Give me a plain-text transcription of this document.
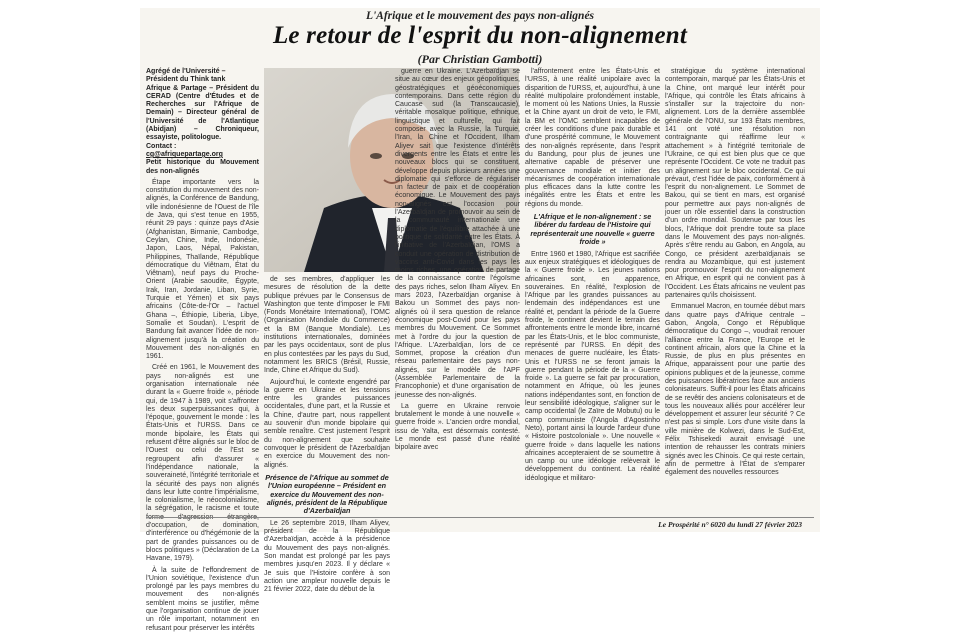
L'Afrique et le mouvement des pays non-alignés
Le retour de l'esprit du non-alignement
(Par Christian Gambotti)
Agrégé de l'Université –
Président du Think tank
Afrique & Partage – Président du CERAD (Centre d'Études et de Recherches sur l'Afrique de Demain) – Directeur général de l'Université de l'Atlantique (Abidjan) – Chroniqueur, essayiste, politologue.
Contact :
cg@afriquepartage.org
Petit historique du Mouvement des non-alignés

Étape importante vers la constitution du mouvement des non-alignés, la Conférence de Bandung, ville indonésienne de l'Ouest de l'île de Java, qui s'est tenue en 1955, réunit 29 pays : quinze pays d'Asie (Afghanistan, Birmanie, Cambodge, Ceylan, Chine, Inde, Indonésie, Japon, Laos, Népal, Pakistan, Philippines, Thaïlande, République démocratique du Viêtnam, État du Viêtnam), neuf pays du Proche-Orient (Arabie saoudite, Égypte, Irak, Iran, Jordanie, Liban, Syrie, Turquie et Yémen) et six pays africains (Côte-de-l'Or – l'actuel Ghana –, Éthiopie, Liberia, Libye, Somalie et Soudan). L'esprit de Bandung fait avancer l'idée de non-alignement jusqu'à la création du Mouvement des non-alignés en 1961.

Créé en 1961, le Mouvement des pays non-alignés est une organisation internationale née durant la « Guerre froide », période qui, de 1947 à 1989, voit s'affronter les deux superpuissances qui, à l'époque, gouvernent le monde : les États-Unis et l'URSS. Dans ce monde bipolaire, les États qui refusent d'être alignés sur le bloc de l'Ouest ou celui de l'Est se regroupent afin d'assurer « l'indépendance nationale, la souveraineté, l'intégrité territoriale et la sécurité des pays non alignés dans leur lutte contre l'impérialisme, le colonialisme, le néocolonialisme, la ségrégation, le racisme et toute forme d'agression étrangère, d'occupation, de domination, d'interférence ou d'hégémonie de la part de grandes puissances ou de blocs politiques » (Déclaration de La Havane, 1979).

À la suite de l'effondrement de l'Union soviétique, l'existence d'un prolongé par les pays membres du mouvement des non-alignés semblent moins se justifier, même que l'organisation continue de jouer un rôle important, notamment en refusant pour préserver les intérêts

de ses membres, d'appliquer les mesures de résolution de la dette publique prévues par le Consensus de Washington que tente d'imposer le FMI (Fonds Monétaire International), l'OMC (Organisation Mondiale du Commerce) et la BM (Banque Mondiale). Les institutions internationales, dominées par les pays occidentaux, sont de plus en plus contestées par les pays du Sud, notamment les BRICS (Brésil, Russie, Inde, Chine et Afrique du Sud).

Aujourd'hui, le contexte engendré par la guerre en Ukraine et les tensions entre les grandes puissances occidentales, d'une part, et la Russie et la Chine, d'autre part, nous rappellent au souvenir d'un monde bipolaire qui semble renaître. C'est justement l'esprit du non-alignement que souhaite convoquer le président de l'Azerbaïdjan en exercice du Mouvement des non-alignés.

Présence de l'Afrique au sommet de l'Union européenne – Président en exercice du Mouvement des non-alignés, président de la République d'Azerbaïdjan

Le 26 septembre 2019, Ilham Aliyev, président de la République d'Azerbaïdjan, accède à la présidence du Mouvement des pays non-alignés. Son mandat est prolongé par les pays membres jusqu'en 2023. Il y déclare « Je suis que l'Histoire confère à son action une ampleur nouvelle depuis le 21 février 2022, date du début de la

guerre en Ukraine. L'Azerbaïdjan se situe au cœur des enjeux géopolitiques, géostratégiques et géoéconomiques contemporains. Dans cette région du Caucase sud (la Transcaucasie), véritable mosaïque politique, ethnique, linguistique et culturelle, qui fait composer avec la Russie, la Turquie, l'Iran, la Chine et l'Occident, Ilham Aliyev sait que l'existence d'intérêts divergents entre les États et entre les nouveaux blocs qui se constituent, développe depuis plusieurs années une diplomatie qui s'efforce de régulariser un facteur de paix et de coopération économique. Le Mouvement des pays non-alignés est l'occasion pour l'Azerbaïdjan de promouvoir au sein de la communauté internationale une diplomatie de l'équilibre attachée à une politique de solidarité entre les États. À l'initiative de l'Azerbaïdjan, l'OMS a conduit une opération de distribution de vaccins anti-Covid dans les pays les moins riches, une opération de partage de la connaissance contre l'égoïsme des pays riches, selon Ilham Aliyev. En mars 2023, l'Azerbaïdjan organise à Bakou un Sommet des pays non-alignés où il sera question de relance économique post-Covid pour les pays membres du Mouvement. Ce Sommet met à l'ordre du jour la question de l'Afrique. L'Azerbaïdjan, lors de ce Sommet, propose la création d'un réseau parlementaire des pays non-alignés, sur le modèle de l'APF (Assemblée Parlementaire de la Francophonie) et d'une organisation de jeunesse des non-alignés.

La guerre en Ukraine renvoie brutalement le monde à une nouvelle « guerre froide ». L'ancien ordre mondial, issu de Yalta, est désormais contesté. Le monde est passé d'une réalité bipolaire avec

l'affrontement entre les États-Unis et l'URSS, à une réalité unipolaire avec la disparition de l'URSS, et, aujourd'hui, à une réalité multipolaire profondément instable, le moment où les Nations Unies, la Russie et la Chine ayant un droit de veto, le FMI, la BM et l'OMC semblent incapables de créer les conditions d'une paix durable et d'une prospérité commune, le Mouvement des non-alignés représente, dans l'esprit du Bandung, pour plus de jeunes une alternative capable de préserver une gouvernance mondiale et initier des mécanismes de coopération internationale plus efficaces dans la lutte contre les inégalités entre les États et entre les régions du monde.

L'Afrique et le non-alignement : se libérer du fardeau de l'Histoire qui représenterait une nouvelle « guerre froide »

Entre 1960 et 1980, l'Afrique est sacrifiée aux enjeux stratégiques et idéologiques de la « Guerre froide ». Les jeunes nations africaines sont, en apparence, souveraines. En réalité, l'explosion de l'Afrique par les grandes puissances au lendemain des indépendances est une réalité et, pendant la période de la Guerre froide, le continent devient le terrain des affrontements entre le monde libre, incarné par les États-Unis, et le bloc communiste, représenté par l'URSS. En dépit des menaces de guerre nucléaire, les États-Unis et l'URSS ne se feront jamais la guerre pendant la période de la « Guerre froide ». La guerre se fait par procuration, notamment en Afrique, où les jeunes nations indépendantes sont, en fonction de leur sensibilité idéologique, s'aligner sur le camp occidental (le Zaïre de Mobutu) ou le camp communiste (l'Angola d'Agostinho Neto), portant ainsi la lourde l'ardeur d'une « Histoire postcoloniale ». Une nouvelle « guerre froide » dans laquelle les nations africaines accepteraient de se soumettre à un camp ou une idéologie relèverait le développement du continent. La réalité idéologique et militaro-

stratégique du système international contemporain, marqué par les États-Unis et la Chine, ont marqué leur intérêt pour l'Afrique, qui contrôle les États africains à s'installer sur la trajectoire du non-alignement. Lors de la dernière assemblée générale de l'ONU, sur 193 États membres, 141 ont voté une résolution non contraignante qui réaffirme leur « attachement » à l'intégrité territoriale de l'Ukraine, ce qui est bien plus que ce que représente l'Occident. Ce vote ne traduit pas un alignement sur le bloc occidental. Ce qui prévaut, c'est l'idée de paix, conformément à l'esprit du non-alignement. Le Sommet de Bakou, qui se tient en mars, est organisé pour permettre aux pays non-alignés de jouer un rôle essentiel dans la construction d'un ordre mondial. Soutenue par tous les blocs, l'Afrique doit prendre toute sa place dans le Mouvement des pays non-alignés. Après s'être rendu au Gabon, en Angola, au Congo, ce président azerbaïdjanais se rendra au Mozambique, qui est justement pour promouvoir l'esprit du non-alignement en Afrique, en esprit qui ne convient pas à l'Occident. Les États africains ne veulent pas partenaires qu'ils choisissent.

Emmanuel Macron, en tournée début mars dans quatre pays d'Afrique centrale – Gabon, Angola, Congo et République démocratique du Congo –, voudrait renouer l'alliance entre la France, l'Europe et le continent africain, alors que la Chine et la Russie, de plus en plus présentes en Afrique, apparaissent pour une partie des opinions publiques et de la jeunesse, comme des puissances libératrices face aux anciens colonisateurs. Suffit-il pour les États africains de se revêtir des anciens colonisateurs et de tous les nouveaux alliés pour accélérer leur développement et assurer leur sécurité ? Ce n'est pas si simple. Lors d'une visite dans la ville minière de Kolwezi, dans le Sud-Est, Félix Tshisekedi aurait envisagé une intention de rehausser les contrats miniers signés avec les Chinois. Ce qui reste certain, afin de permettre à l'État de s'emparer également des nouvelles ressources

Le Prospérité n° 6020 du lundi 27 février 2023
